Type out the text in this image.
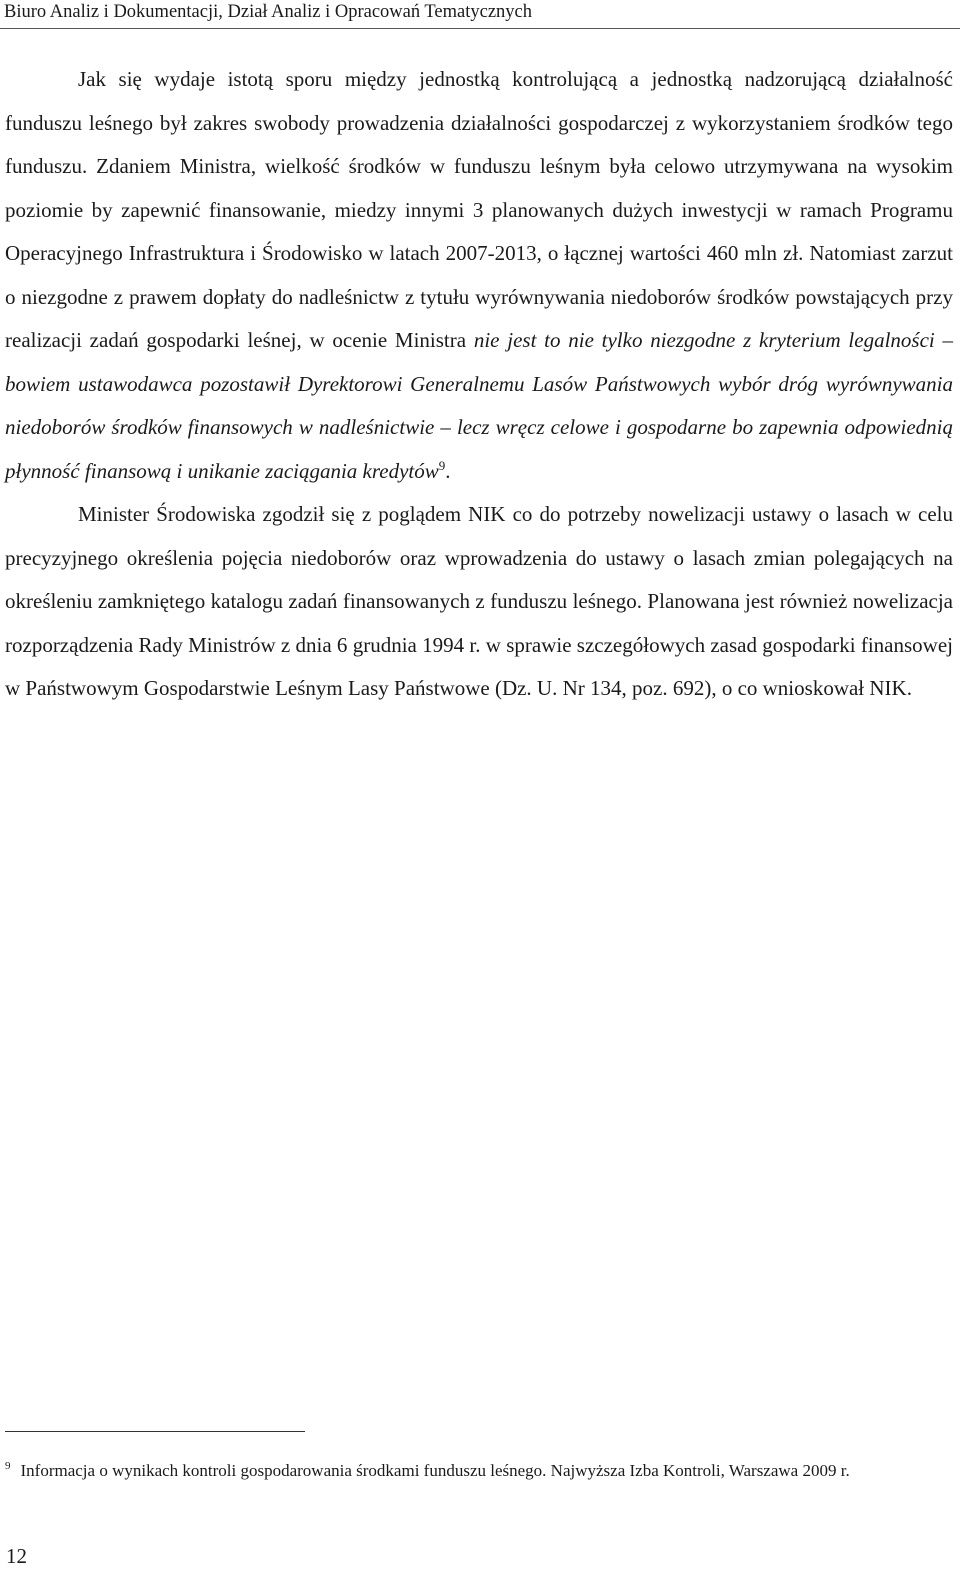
Biuro Analiz i Dokumentacji, Dział Analiz i Opracowań Tematycznych

Jak się wydaje istotą sporu między jednostką kontrolującą a jednostką nadzorującą działalność funduszu leśnego był zakres swobody prowadzenia działalności gospodarczej z wykorzystaniem środków tego funduszu. Zdaniem Ministra, wielkość środków w funduszu leśnym była celowo utrzymywana na wysokim poziomie by zapewnić finansowanie, miedzy innymi 3 planowanych dużych inwestycji w ramach Programu Operacyjnego Infrastruktura i Środowisko w latach 2007-2013, o łącznej wartości 460 mln zł. Natomiast zarzut o niezgodne z prawem dopłaty do nadleśnictw z tytułu wyrównywania niedoborów środków powstających przy realizacji zadań gospodarki leśnej, w ocenie Ministra nie jest to nie tylko niezgodne z kryterium legalności – bowiem ustawodawca pozostawił Dyrektorowi Generalnemu Lasów Państwowych wybór dróg wyrównywania niedoborów środków finansowych w nadleśnictwie – lecz wręcz celowe i gospodarne bo zapewnia odpowiednią płynność finansową i unikanie zaciągania kredytów$^9$.

Minister Środowiska zgodził się z poglądem NIK co do potrzeby nowelizacji ustawy o lasach w celu precyzyjnego określenia pojęcia niedoborów oraz wprowadzenia do ustawy o lasach zmian polegających na określeniu zamkniętego katalogu zadań finansowanych z funduszu leśnego. Planowana jest również nowelizacja rozporządzenia Rady Ministrów z dnia 6 grudnia 1994 r. w sprawie szczegółowych zasad gospodarki finansowej w Państwowym Gospodarstwie Leśnym Lasy Państwowe (Dz. U. Nr 134, poz. 692), o co wnioskował NIK.

$^9$ Informacja o wynikach kontroli gospodarowania środkami funduszu leśnego. Najwyższa Izba Kontroli, Warszawa 2009 r.
12
